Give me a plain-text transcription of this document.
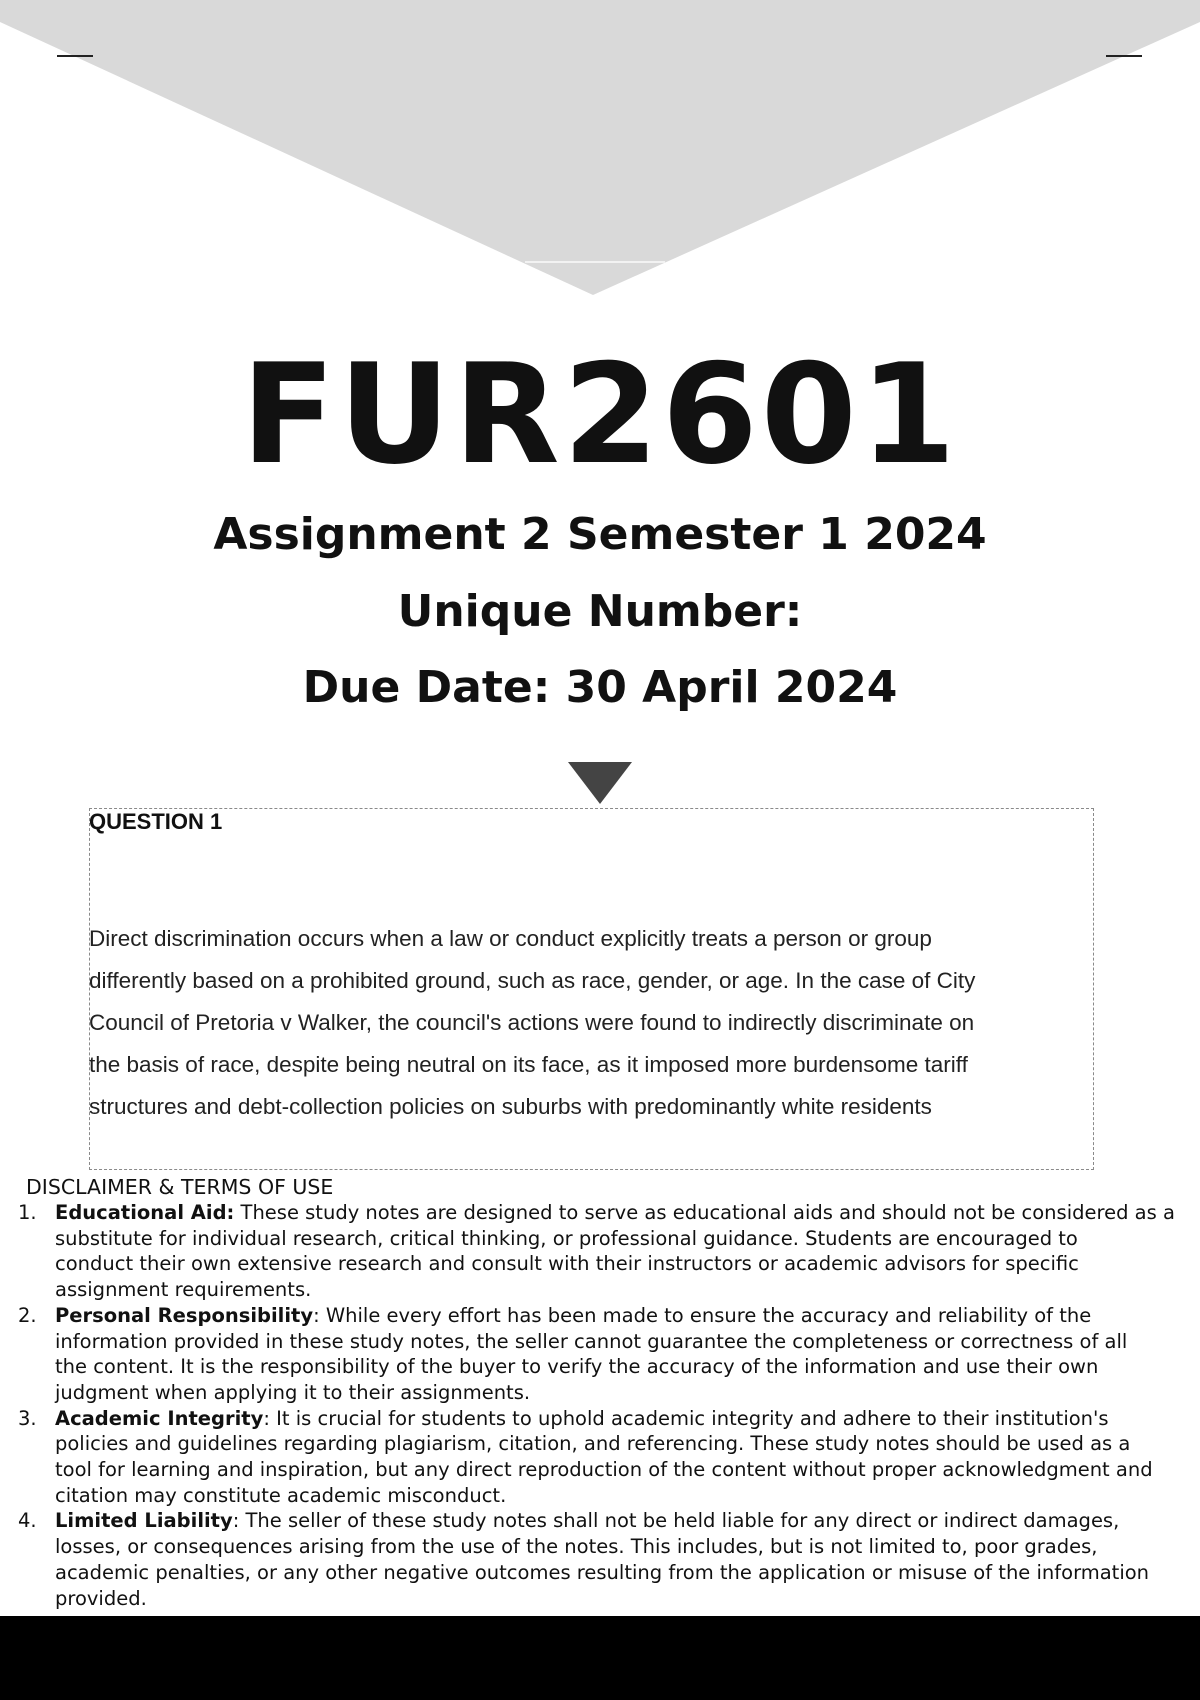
FUR2601
Assignment 2 Semester 1 2024
Unique Number:
Due Date: 30 April 2024
QUESTION 1
Direct discrimination occurs when a law or conduct explicitly treats a person or group
differently based on a prohibited ground, such as race, gender, or age. In the case of City
Council of Pretoria v Walker, the council's actions were found to indirectly discriminate on
the basis of race, despite being neutral on its face, as it imposed more burdensome tariff
structures and debt-collection policies on suburbs with predominantly white residents
DISCLAIMER & TERMS OF USE
1. Educational Aid: These study notes are designed to serve as educational aids and should not be considered as a
substitute for individual research, critical thinking, or professional guidance. Students are encouraged to
conduct their own extensive research and consult with their instructors or academic advisors for specific
assignment requirements.
2. Personal Responsibility: While every effort has been made to ensure the accuracy and reliability of the
information provided in these study notes, the seller cannot guarantee the completeness or correctness of all
the content. It is the responsibility of the buyer to verify the accuracy of the information and use their own
judgment when applying it to their assignments.
3. Academic Integrity: It is crucial for students to uphold academic integrity and adhere to their institution's
policies and guidelines regarding plagiarism, citation, and referencing. These study notes should be used as a
tool for learning and inspiration, but any direct reproduction of the content without proper acknowledgment and
citation may constitute academic misconduct.
4. Limited Liability: The seller of these study notes shall not be held liable for any direct or indirect damages,
losses, or consequences arising from the use of the notes. This includes, but is not limited to, poor grades,
academic penalties, or any other negative outcomes resulting from the application or misuse of the information
provided.
